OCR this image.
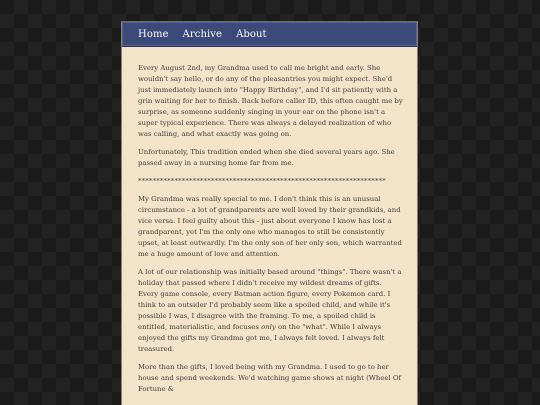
Home Archive About

Every August 2nd, my Grandma used to call me bright and early. She wouldn't say hello, or do any of the pleasantries you might expect. She'd just immediately launch into "Happy Birthday", and I'd sit patiently with a grin waiting for her to finish. Back before caller ID, this often caught me by surprise, as someone suddenly singing in your ear on the phone isn't a super typical experience. There was always a delayed realization of who was calling, and what exactly was going on.

Unfortunately, This tradition ended when she died several years ago. She passed away in a nursing home far from me.

********************************************************************

My Grandma was really special to me. I don't think this is an unusual circumstance - a lot of grandparents are well loved by their grandkids, and vice versa. I feel guilty about this - just about everyone I know has lost a grandparent, yet I'm the only one who manages to still be consistently upset, at least outwardly. I'm the only son of her only son, which warranted me a huge amount of love and attention.

A lot of our relationship was initially based around "things". There wasn't a holiday that passed where I didn't receive my wildest dreams of gifts. Every game console, every Batman action figure, every Pokemon card. I think to an outsider I'd probably seem like a spoiled child, and while it's possible I was, I disagree with the framing. To me, a spoiled child is entitled, materialistic, and focuses only on the "what". While I always enjoyed the gifts my Grandma got me, I always felt loved. I always felt treasured.

More than the gifts, I loved being with my Grandma. I used to go to her house and spend weekends. We'd watching game shows at night (Wheel Of Fortune &
